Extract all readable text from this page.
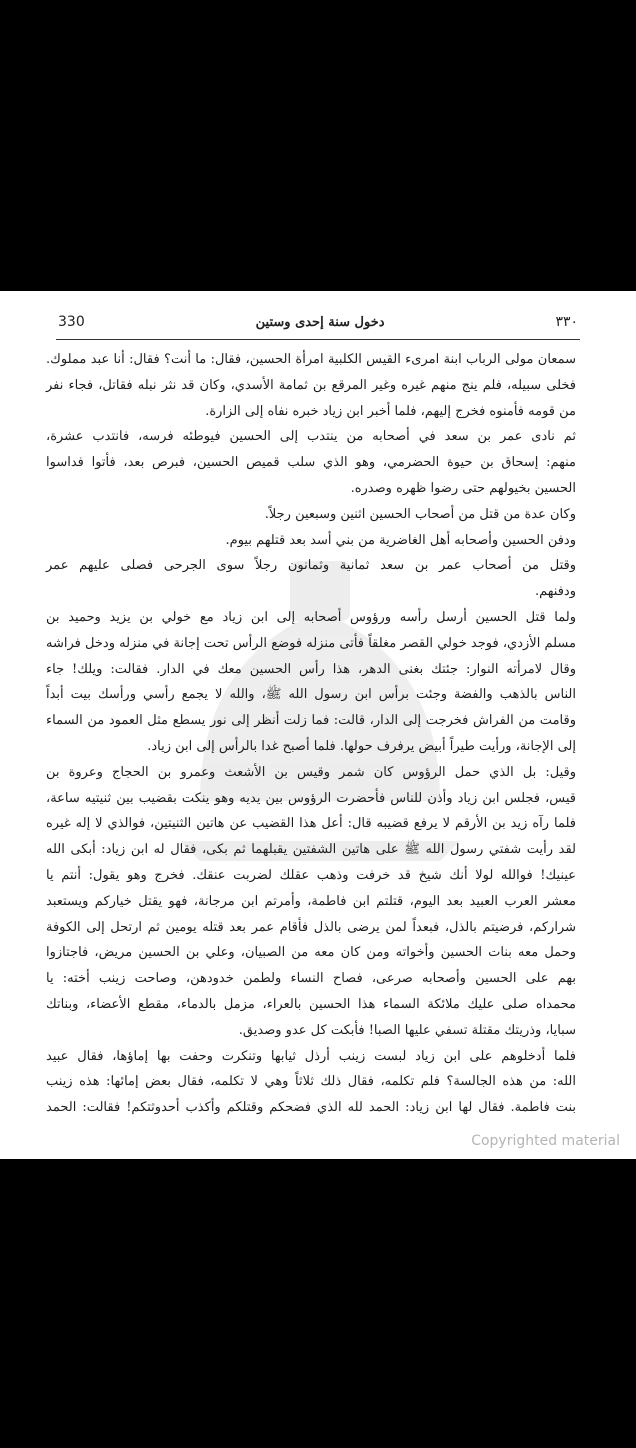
330	دخول سنة إحدى وستين	٣٣٠
سمعان مولى الرباب ابنة امرىء القيس الكلبية امرأة الحسين، فقال: ما أنت؟ فقال: أنا عبد مملوك.
فخلى سبيله، فلم ينج منهم غيره وغير المرقع بن ثمامة الأسدي، وكان قد نثر نبله فقاتل، فجاء نفر
من قومه فأمنوه فخرج إليهم، فلما أخبر ابن زياد خبره نفاه إلى الزارة.
ثم نادى عمر بن سعد في أصحابه من ينتدب إلى الحسين فيوطئه فرسه، فانتدب عشرة،
منهم: إسحاق بن حيوة الحضرمي، وهو الذي سلب قميص الحسين، فبرص بعد، فأتوا فداسوا
الحسين بخيولهم حتى رضوا ظهره وصدره.
وكان عدة من قتل من أصحاب الحسين اثنين وسبعين رجلاً.
ودفن الحسين وأصحابه أهل الغاضرية من بني أسد بعد قتلهم بيوم.
وقتل من أصحاب عمر بن سعد ثمانية وثمانون رجلاً سوى الجرحى فصلى عليهم عمر
ودفنهم.
ولما قتل الحسين أرسل رأسه ورؤوس أصحابه إلى ابن زياد مع خولي بن يزيد وحميد بن
مسلم الأزدي، فوجد خولي القصر مغلقاً فأتى منزله فوضع الرأس تحت إجانة في منزله ودخل فراشه
وقال لامرأته النوار: جئتك بغنى الدهر، هذا رأس الحسين معك في الدار. فقالت: ويلك! جاء
الناس بالذهب والفضة وجئت برأس ابن رسول الله ﷺ، والله لا يجمع رأسي ورأسك بيت أبداً
وقامت من الفراش فخرجت إلى الدار، قالت: فما زلت أنظر إلى نور يسطع مثل العمود من السماء
إلى الإجانة، ورأيت طيراً أبيض يرفرف حولها. فلما أصبح غدا بالرأس إلى ابن زياد.
وقيل: بل الذي حمل الرؤوس كان شمر وقيس بن الأشعث وعمرو بن الحجاج وعروة بن
قيس، فجلس ابن زياد وأذن للناس فأحضرت الرؤوس بين يديه وهو ينكت بقضيب بين ثنيتيه ساعة،
فلما رآه زيد بن الأرقم لا يرفع قضيبه قال: أعل هذا القضيب عن هاتين الثنيتين، فوالذي لا إله غيره
لقد رأيت شفتي رسول الله ﷺ على هاتين الشفتين يقبلهما ثم بكى، فقال له ابن زياد: أبكى الله
عينيك! فوالله لولا أنك شيخ قد خرفت وذهب عقلك لضربت عنقك. فخرج وهو يقول: أنتم يا
معشر العرب العبيد بعد اليوم، قتلتم ابن فاطمة، وأمرتم ابن مرجانة، فهو يقتل خياركم ويستعبد
شراركم، فرضيتم بالذل، فبعداً لمن يرضى بالذل فأقام عمر بعد قتله يومين ثم ارتحل إلى الكوفة
وحمل معه بنات الحسين وأخواته ومن كان معه من الصبيان، وعلي بن الحسين مريض، فاجتازوا
بهم على الحسين وأصحابه صرعى، فصاح النساء ولطمن خدودهن، وصاحت زينب أخته: يا
محمداه صلى عليك ملائكة السماء هذا الحسين بالعراء، مزمل بالدماء، مقطع الأعضاء، وبناتك
سبايا، وذريتك مقتلة تسفي عليها الصبا! فأبكت كل عدو وصديق.
فلما أدخلوهم على ابن زياد لبست زينب أرذل ثيابها وتنكرت وحفت بها إماؤها، فقال عبيد
الله: من هذه الجالسة؟ فلم تكلمه، فقال ذلك ثلاثاً وهي لا تكلمه، فقال بعض إمائها: هذه زينب
بنت فاطمة. فقال لها ابن زياد: الحمد لله الذي فضحكم وقتلكم وأكذب أحدوثتكم! فقالت: الحمد
Copyrighted material
